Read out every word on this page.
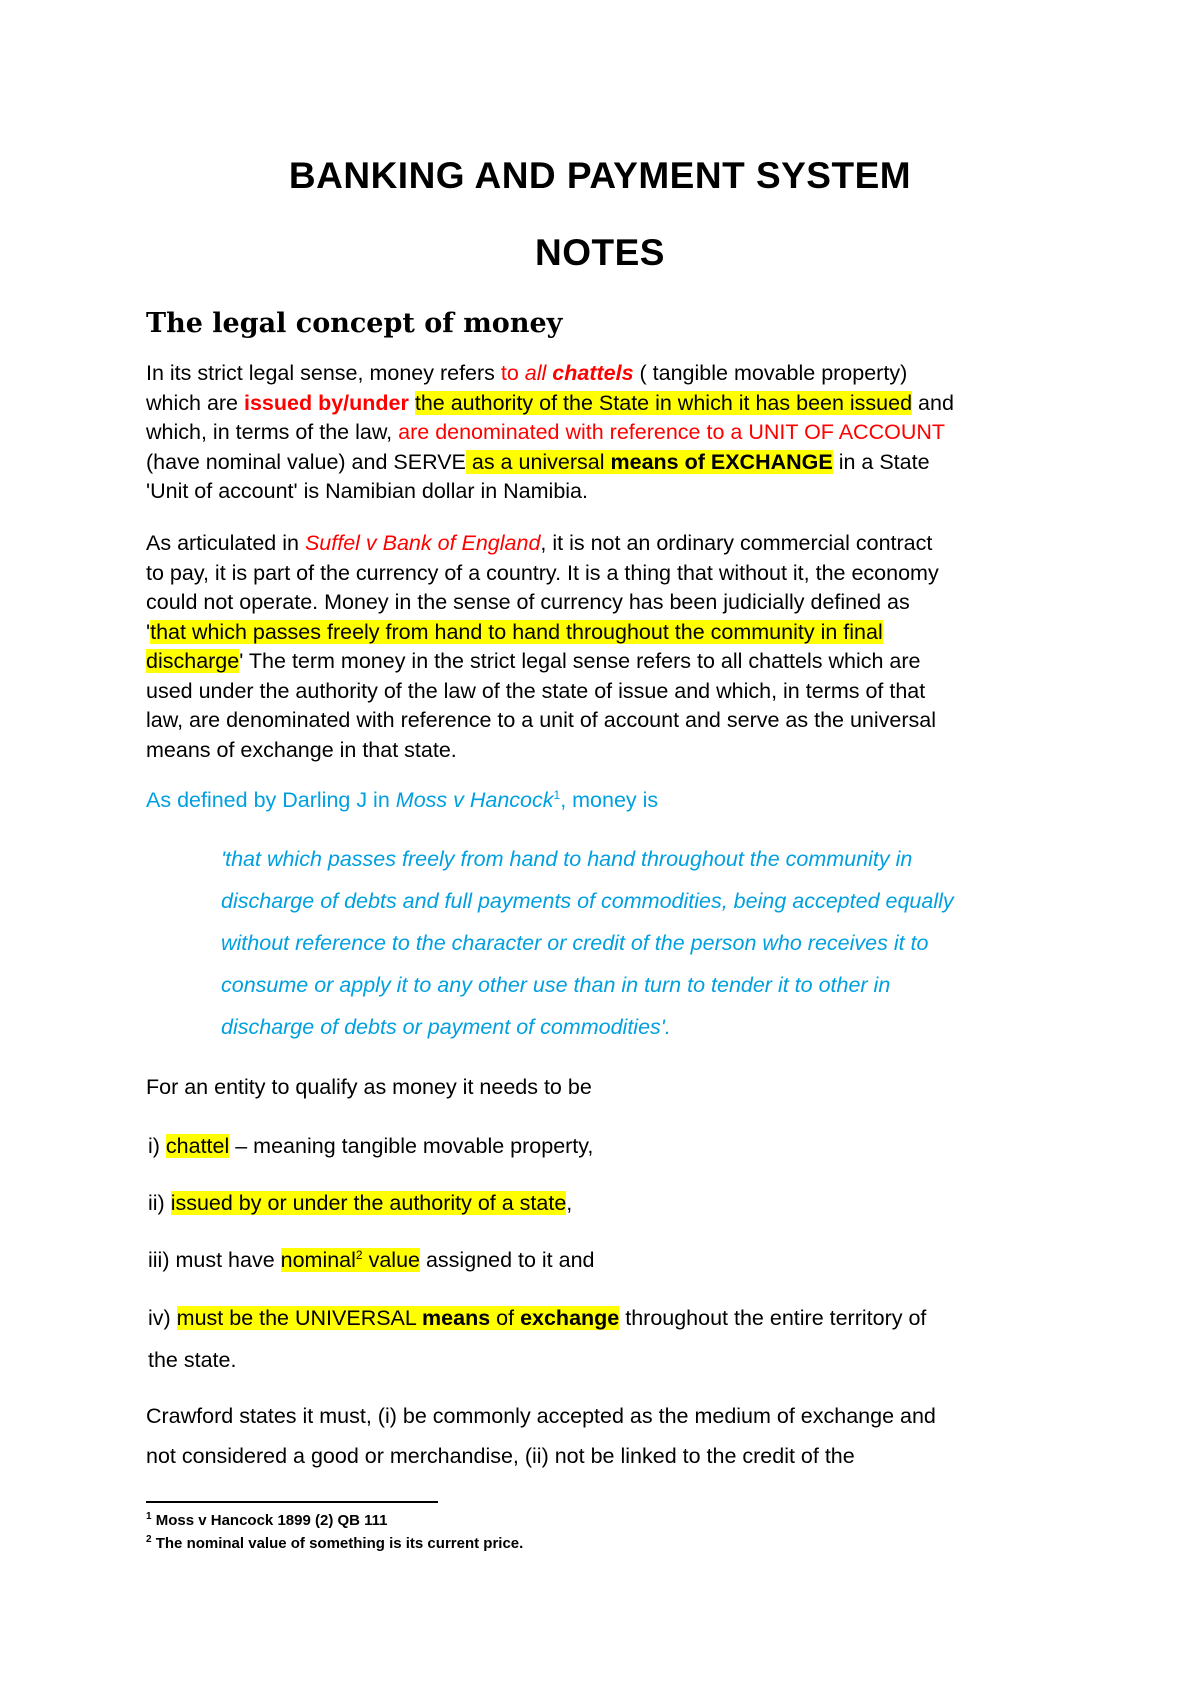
BANKING AND PAYMENT SYSTEM
NOTES
The legal concept of money
In its strict legal sense, money refers to all chattels ( tangible movable property)
which are issued by/under the authority of the State in which it has been issued and
which, in terms of the law, are denominated with reference to a UNIT OF ACCOUNT
(have nominal value) and SERVE as a universal means of EXCHANGE in a State
'Unit of account' is Namibian dollar in Namibia.
As articulated in Suffel v Bank of England, it is not an ordinary commercial contract
to pay, it is part of the currency of a country. It is a thing that without it, the economy
could not operate. Money in the sense of currency has been judicially defined as
'that which passes freely from hand to hand throughout the community in final
discharge' The term money in the strict legal sense refers to all chattels which are
used under the authority of the law of the state of issue and which, in terms of that
law, are denominated with reference to a unit of account and serve as the universal
means of exchange in that state.
As defined by Darling J in Moss v Hancock$^1$, money is
'that which passes freely from hand to hand throughout the community in
discharge of debts and full payments of commodities, being accepted equally
without reference to the character or credit of the person who receives it to
consume or apply it to any other use than in turn to tender it to other in
discharge of debts or payment of commodities'.
For an entity to qualify as money it needs to be
i) chattel – meaning tangible movable property,
ii) issued by or under the authority of a state,
iii) must have nominal$^2$ value assigned to it and
iv) must be the UNIVERSAL means of exchange throughout the entire territory of
the state.
Crawford states it must, (i) be commonly accepted as the medium of exchange and
not considered a good or merchandise, (ii) not be linked to the credit of the
$^1$ Moss v Hancock 1899 (2) QB 111
$^2$ The nominal value of something is its current price.
